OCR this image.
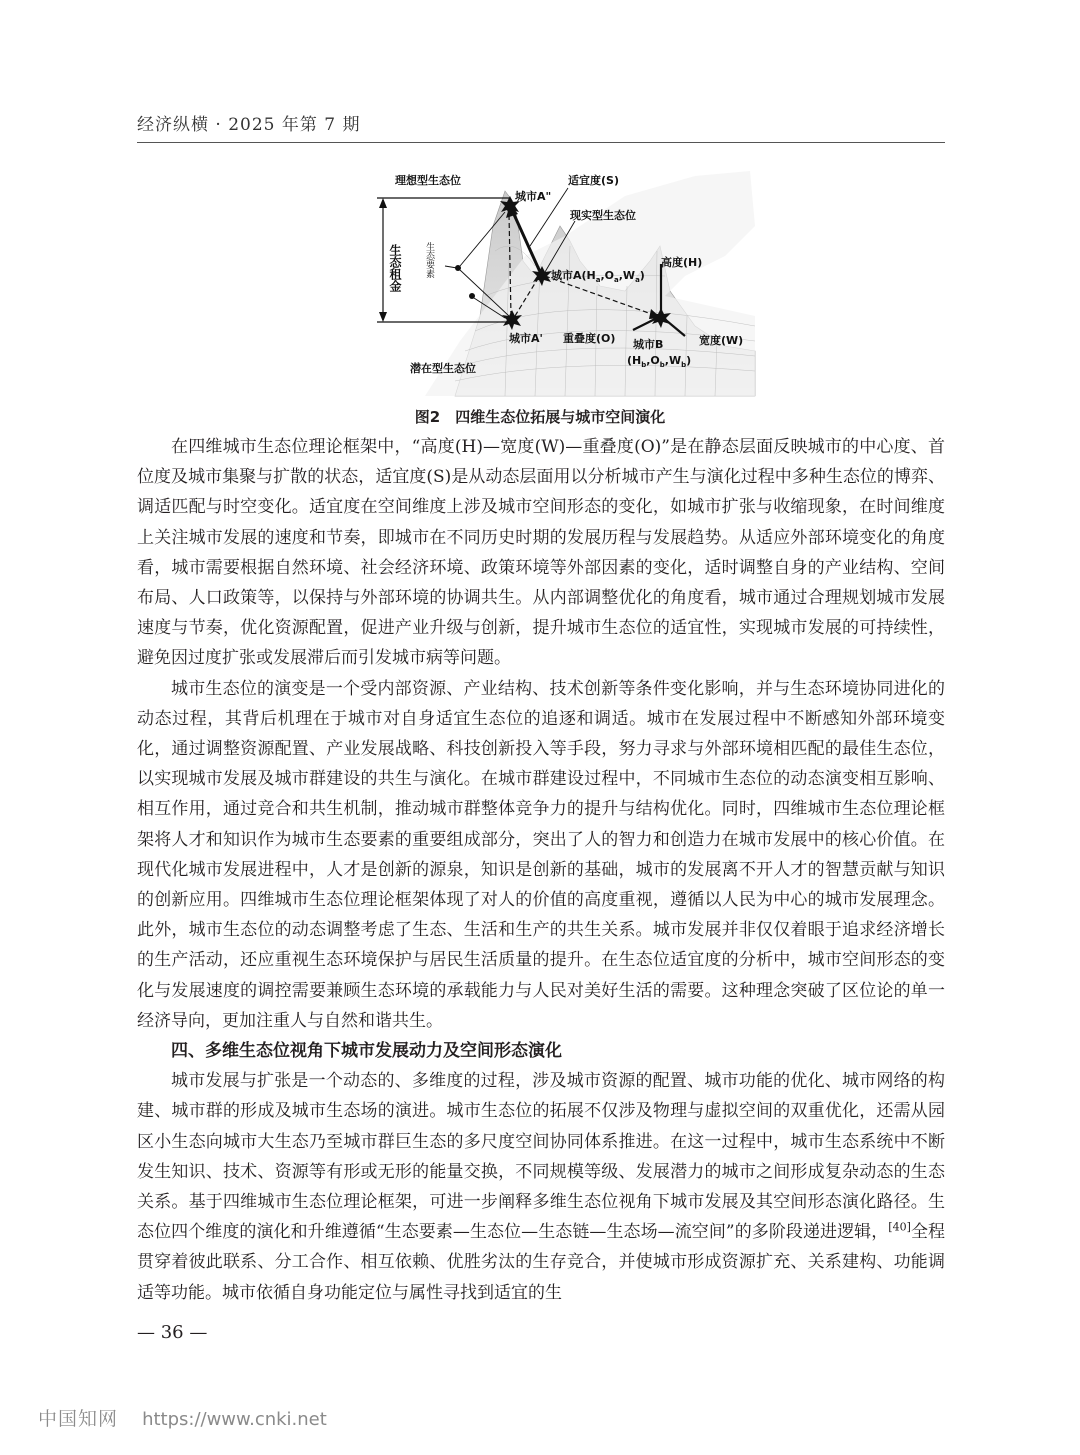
经济纵横 · 2025 年第 7 期
理想型生态位
城市A"
适宜度(S)
现实型生态位
生态租金 生态要素	城市$A(H_a,O_a,W_a)$
高度(H)
城市A' 重叠度(O)	宽度(W)
城市B
$(H_b,O_b,W_b)$
潜在型生态位
图2　四维生态位拓展与城市空间演化

在四维城市生态位理论框架中，“高度(H)—宽度(W)—重叠度(O)”是在静态层面反映城市的中心度、首位度及城市集聚与扩散的状态，适宜度(S)是从动态层面用以分析城市产生与演化过程中多种生态位的博弈、调适匹配与时空变化。适宜度在空间维度上涉及城市空间形态的变化，如城市扩张与收缩现象，在时间维度上关注城市发展的速度和节奏，即城市在不同历史时期的发展历程与发展趋势。从适应外部环境变化的角度看，城市需要根据自然环境、社会经济环境、政策环境等外部因素的变化，适时调整自身的产业结构、空间布局、人口政策等，以保持与外部环境的协调共生。从内部调整优化的角度看，城市通过合理规划城市发展速度与节奏，优化资源配置，促进产业升级与创新，提升城市生态位的适宜性，实现城市发展的可持续性，避免因过度扩张或发展滞后而引发城市病等问题。

城市生态位的演变是一个受内部资源、产业结构、技术创新等条件变化影响，并与生态环境协同进化的动态过程，其背后机理在于城市对自身适宜生态位的追逐和调适。城市在发展过程中不断感知外部环境变化，通过调整资源配置、产业发展战略、科技创新投入等手段，努力寻求与外部环境相匹配的最佳生态位，以实现城市发展及城市群建设的共生与演化。在城市群建设过程中，不同城市生态位的动态演变相互影响、相互作用，通过竞合和共生机制，推动城市群整体竞争力的提升与结构优化。同时，四维城市生态位理论框架将人才和知识作为城市生态要素的重要组成部分，突出了人的智力和创造力在城市发展中的核心价值。在现代化城市发展进程中，人才是创新的源泉，知识是创新的基础，城市的发展离不开人才的智慧贡献与知识的创新应用。四维城市生态位理论框架体现了对人的价值的高度重视，遵循以人民为中心的城市发展理念。此外，城市生态位的动态调整考虑了生态、生活和生产的共生关系。城市发展并非仅仅着眼于追求经济增长的生产活动，还应重视生态环境保护与居民生活质量的提升。在生态位适宜度的分析中，城市空间形态的变化与发展速度的调控需要兼顾生态环境的承载能力与人民对美好生活的需要。这种理念突破了区位论的单一经济导向，更加注重人与自然和谐共生。

四、多维生态位视角下城市发展动力及空间形态演化

城市发展与扩张是一个动态的、多维度的过程，涉及城市资源的配置、城市功能的优化、城市网络的构建、城市群的形成及城市生态场的演进。城市生态位的拓展不仅涉及物理与虚拟空间的双重优化，还需从园区小生态向城市大生态乃至城市群巨生态的多尺度空间协同体系推进。在这一过程中，城市生态系统中不断发生知识、技术、资源等有形或无形的能量交换，不同规模等级、发展潜力的城市之间形成复杂动态的生态关系。基于四维城市生态位理论框架，可进一步阐释多维生态位视角下城市发展及其空间形态演化路径。生态位四个维度的演化和升维遵循“生态要素—生态位—生态链—生态场—流空间”的多阶段递进逻辑，[40]全程贯穿着彼此联系、分工合作、相互依赖、优胜劣汰的生存竞合，并使城市形成资源扩充、关系建构、功能调适等功能。城市依循自身功能定位与属性寻找到适宜的生

— 36 —
中国知网 https://www.cnki.net
